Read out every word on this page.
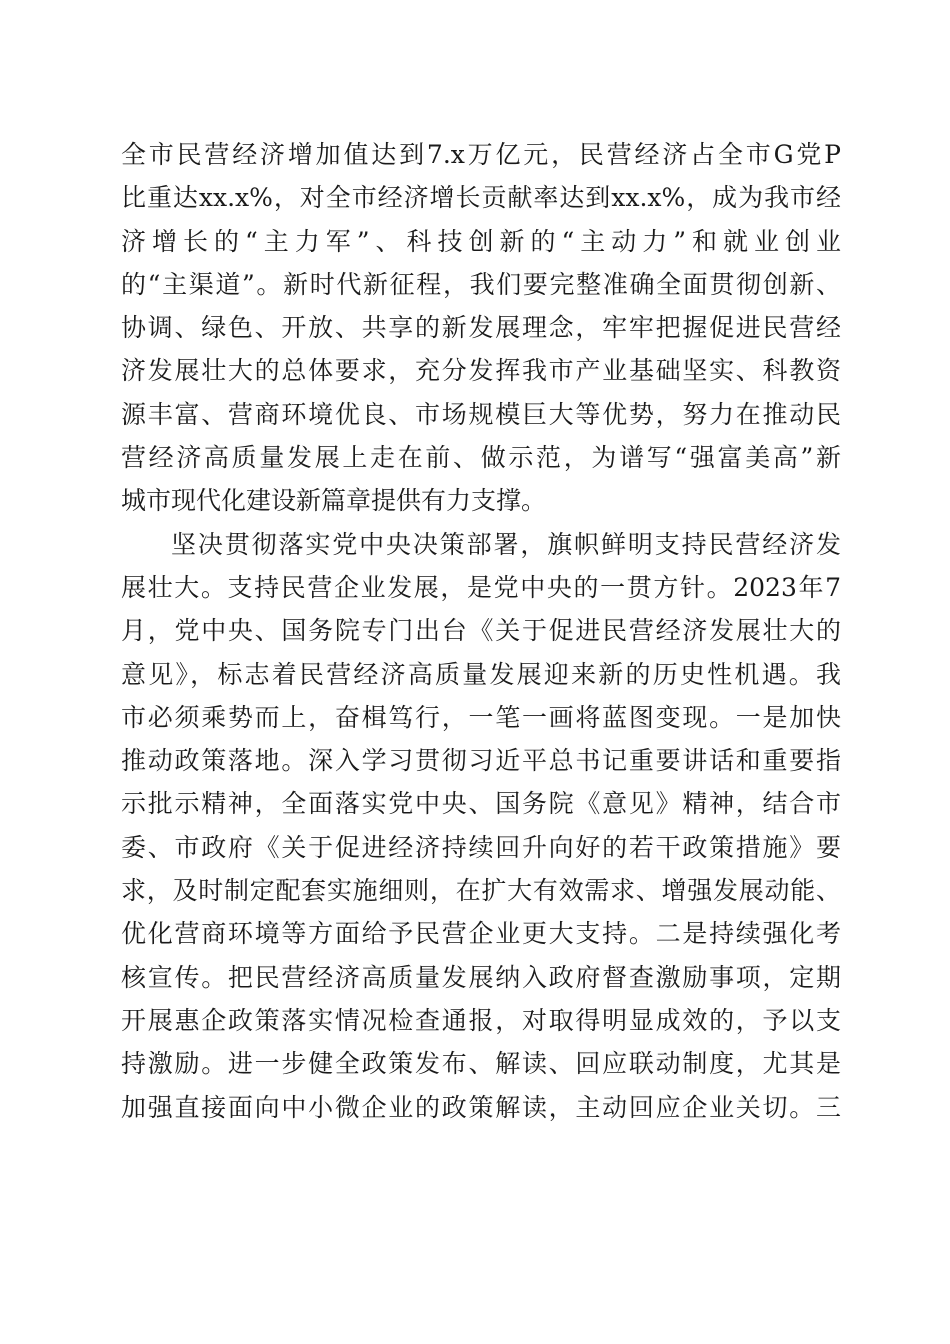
全市民营经济增加值达到7.x万亿元，民营经济占全市G党P
比重达xx.x%，对全市经济增长贡献率达到xx.x%，成为我市经
济增长的“主力军”、科技创新的“主动力”和就业创业
的“主渠道”。新时代新征程，我们要完整准确全面贯彻创新、
协调、绿色、开放、共享的新发展理念，牢牢把握促进民营经
济发展壮大的总体要求，充分发挥我市产业基础坚实、科教资
源丰富、营商环境优良、市场规模巨大等优势，努力在推动民
营经济高质量发展上走在前、做示范，为谱写“强富美高”新
城市现代化建设新篇章提供有力支撑。
坚决贯彻落实党中央决策部署，旗帜鲜明支持民营经济发
展壮大。支持民营企业发展，是党中央的一贯方针。2023年7
月，党中央、国务院专门出台《关于促进民营经济发展壮大的
意见》，标志着民营经济高质量发展迎来新的历史性机遇。我
市必须乘势而上，奋楫笃行，一笔一画将蓝图变现。一是加快
推动政策落地。深入学习贯彻习近平总书记重要讲话和重要指
示批示精神，全面落实党中央、国务院《意见》精神，结合市
委、市政府《关于促进经济持续回升向好的若干政策措施》要
求，及时制定配套实施细则，在扩大有效需求、增强发展动能、
优化营商环境等方面给予民营企业更大支持。二是持续强化考
核宣传。把民营经济高质量发展纳入政府督查激励事项，定期
开展惠企政策落实情况检查通报，对取得明显成效的，予以支
持激励。进一步健全政策发布、解读、回应联动制度，尤其是
加强直接面向中小微企业的政策解读，主动回应企业关切。三
